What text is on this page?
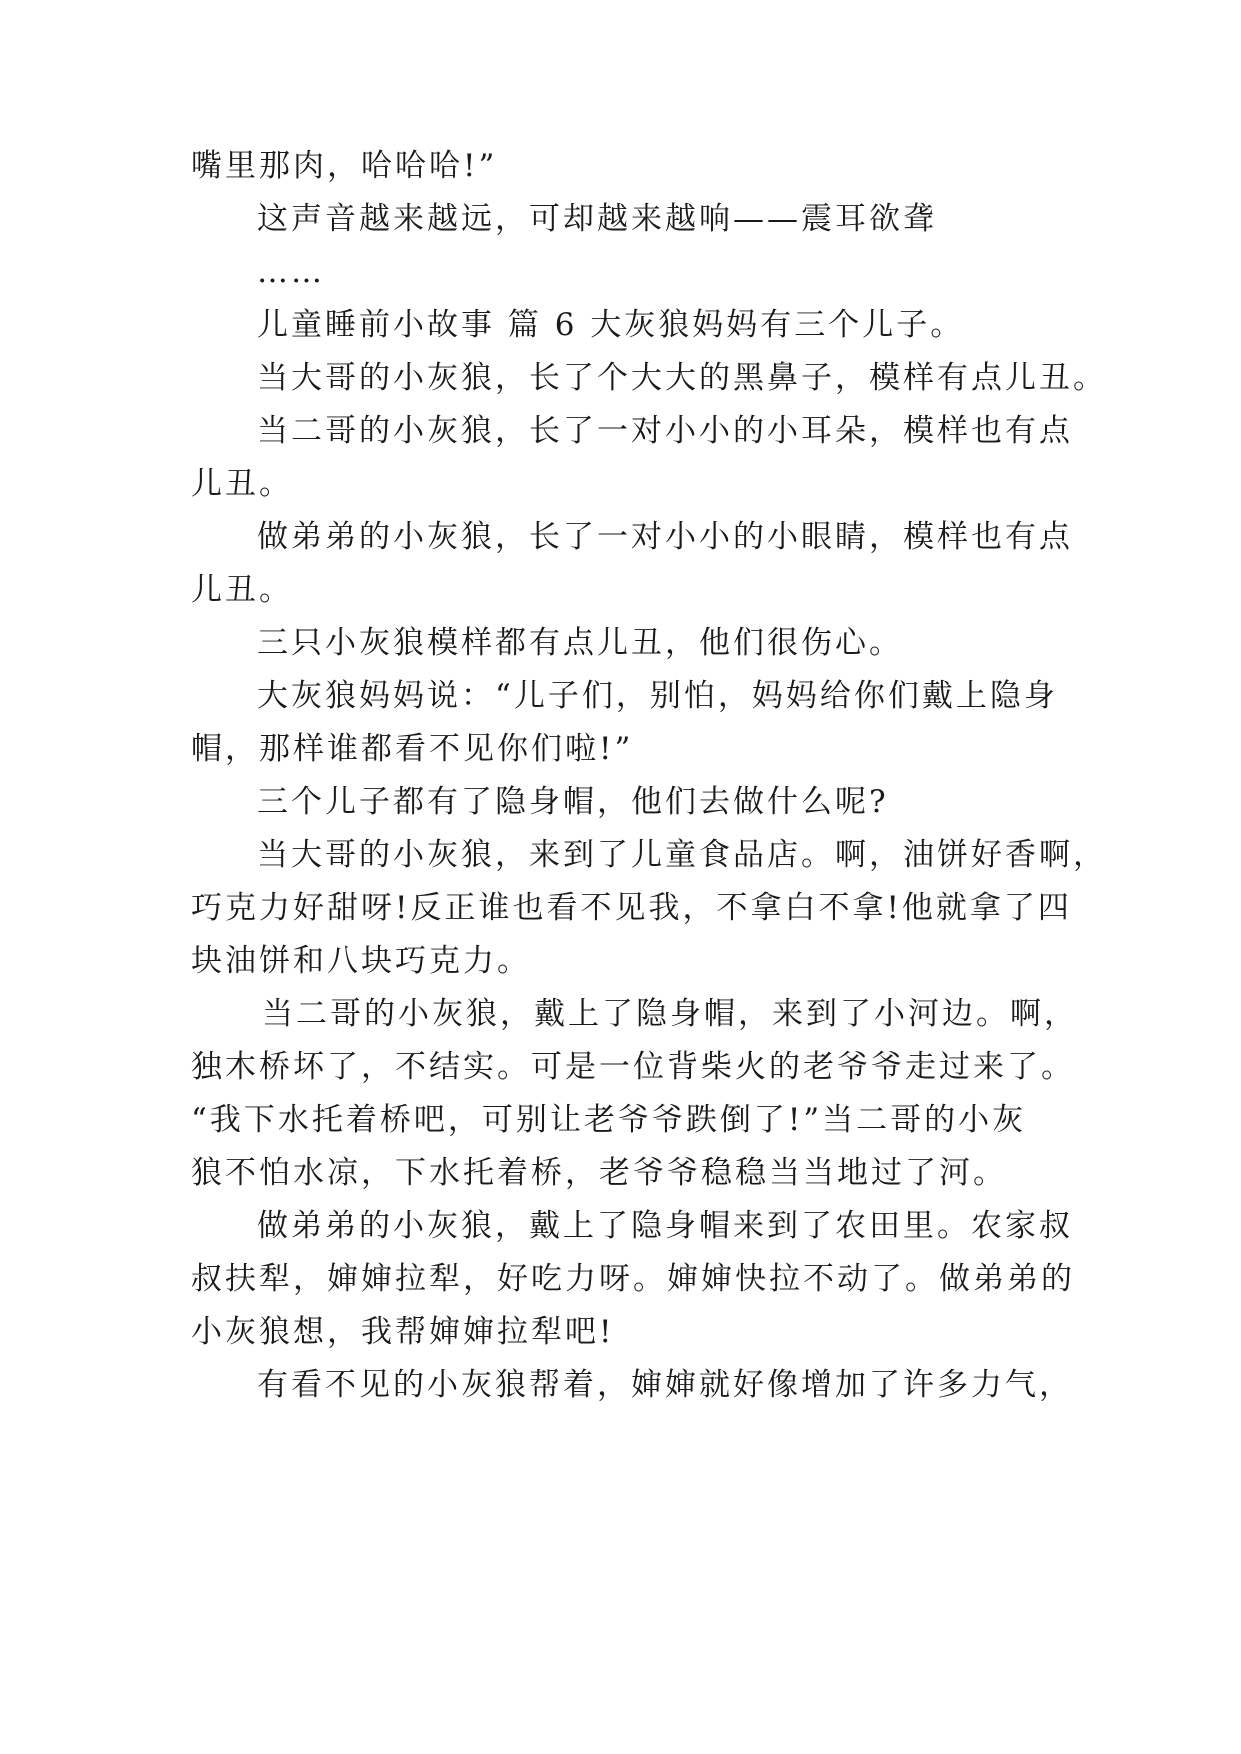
嘴里那肉，哈哈哈!”
这声音越来越远，可却越来越响——震耳欲聋
……
儿童睡前小故事 篇 6 大灰狼妈妈有三个儿子。
当大哥的小灰狼，长了个大大的黑鼻子，模样有点儿丑。
当二哥的小灰狼，长了一对小小的小耳朵，模样也有点
儿丑。
做弟弟的小灰狼，长了一对小小的小眼睛，模样也有点
儿丑。
三只小灰狼模样都有点儿丑，他们很伤心。
大灰狼妈妈说：“儿子们，别怕，妈妈给你们戴上隐身
帽，那样谁都看不见你们啦!”
三个儿子都有了隐身帽，他们去做什么呢?
当大哥的小灰狼，来到了儿童食品店。啊，油饼好香啊，
巧克力好甜呀!反正谁也看不见我，不拿白不拿!他就拿了四
块油饼和八块巧克力。
当二哥的小灰狼，戴上了隐身帽，来到了小河边。啊，
独木桥坏了，不结实。可是一位背柴火的老爷爷走过来了。
“我下水托着桥吧，可别让老爷爷跌倒了!”当二哥的小灰
狼不怕水凉，下水托着桥，老爷爷稳稳当当地过了河。
做弟弟的小灰狼，戴上了隐身帽来到了农田里。农家叔
叔扶犁，婶婶拉犁，好吃力呀。婶婶快拉不动了。做弟弟的
小灰狼想，我帮婶婶拉犁吧!
有看不见的小灰狼帮着，婶婶就好像增加了许多力气，
